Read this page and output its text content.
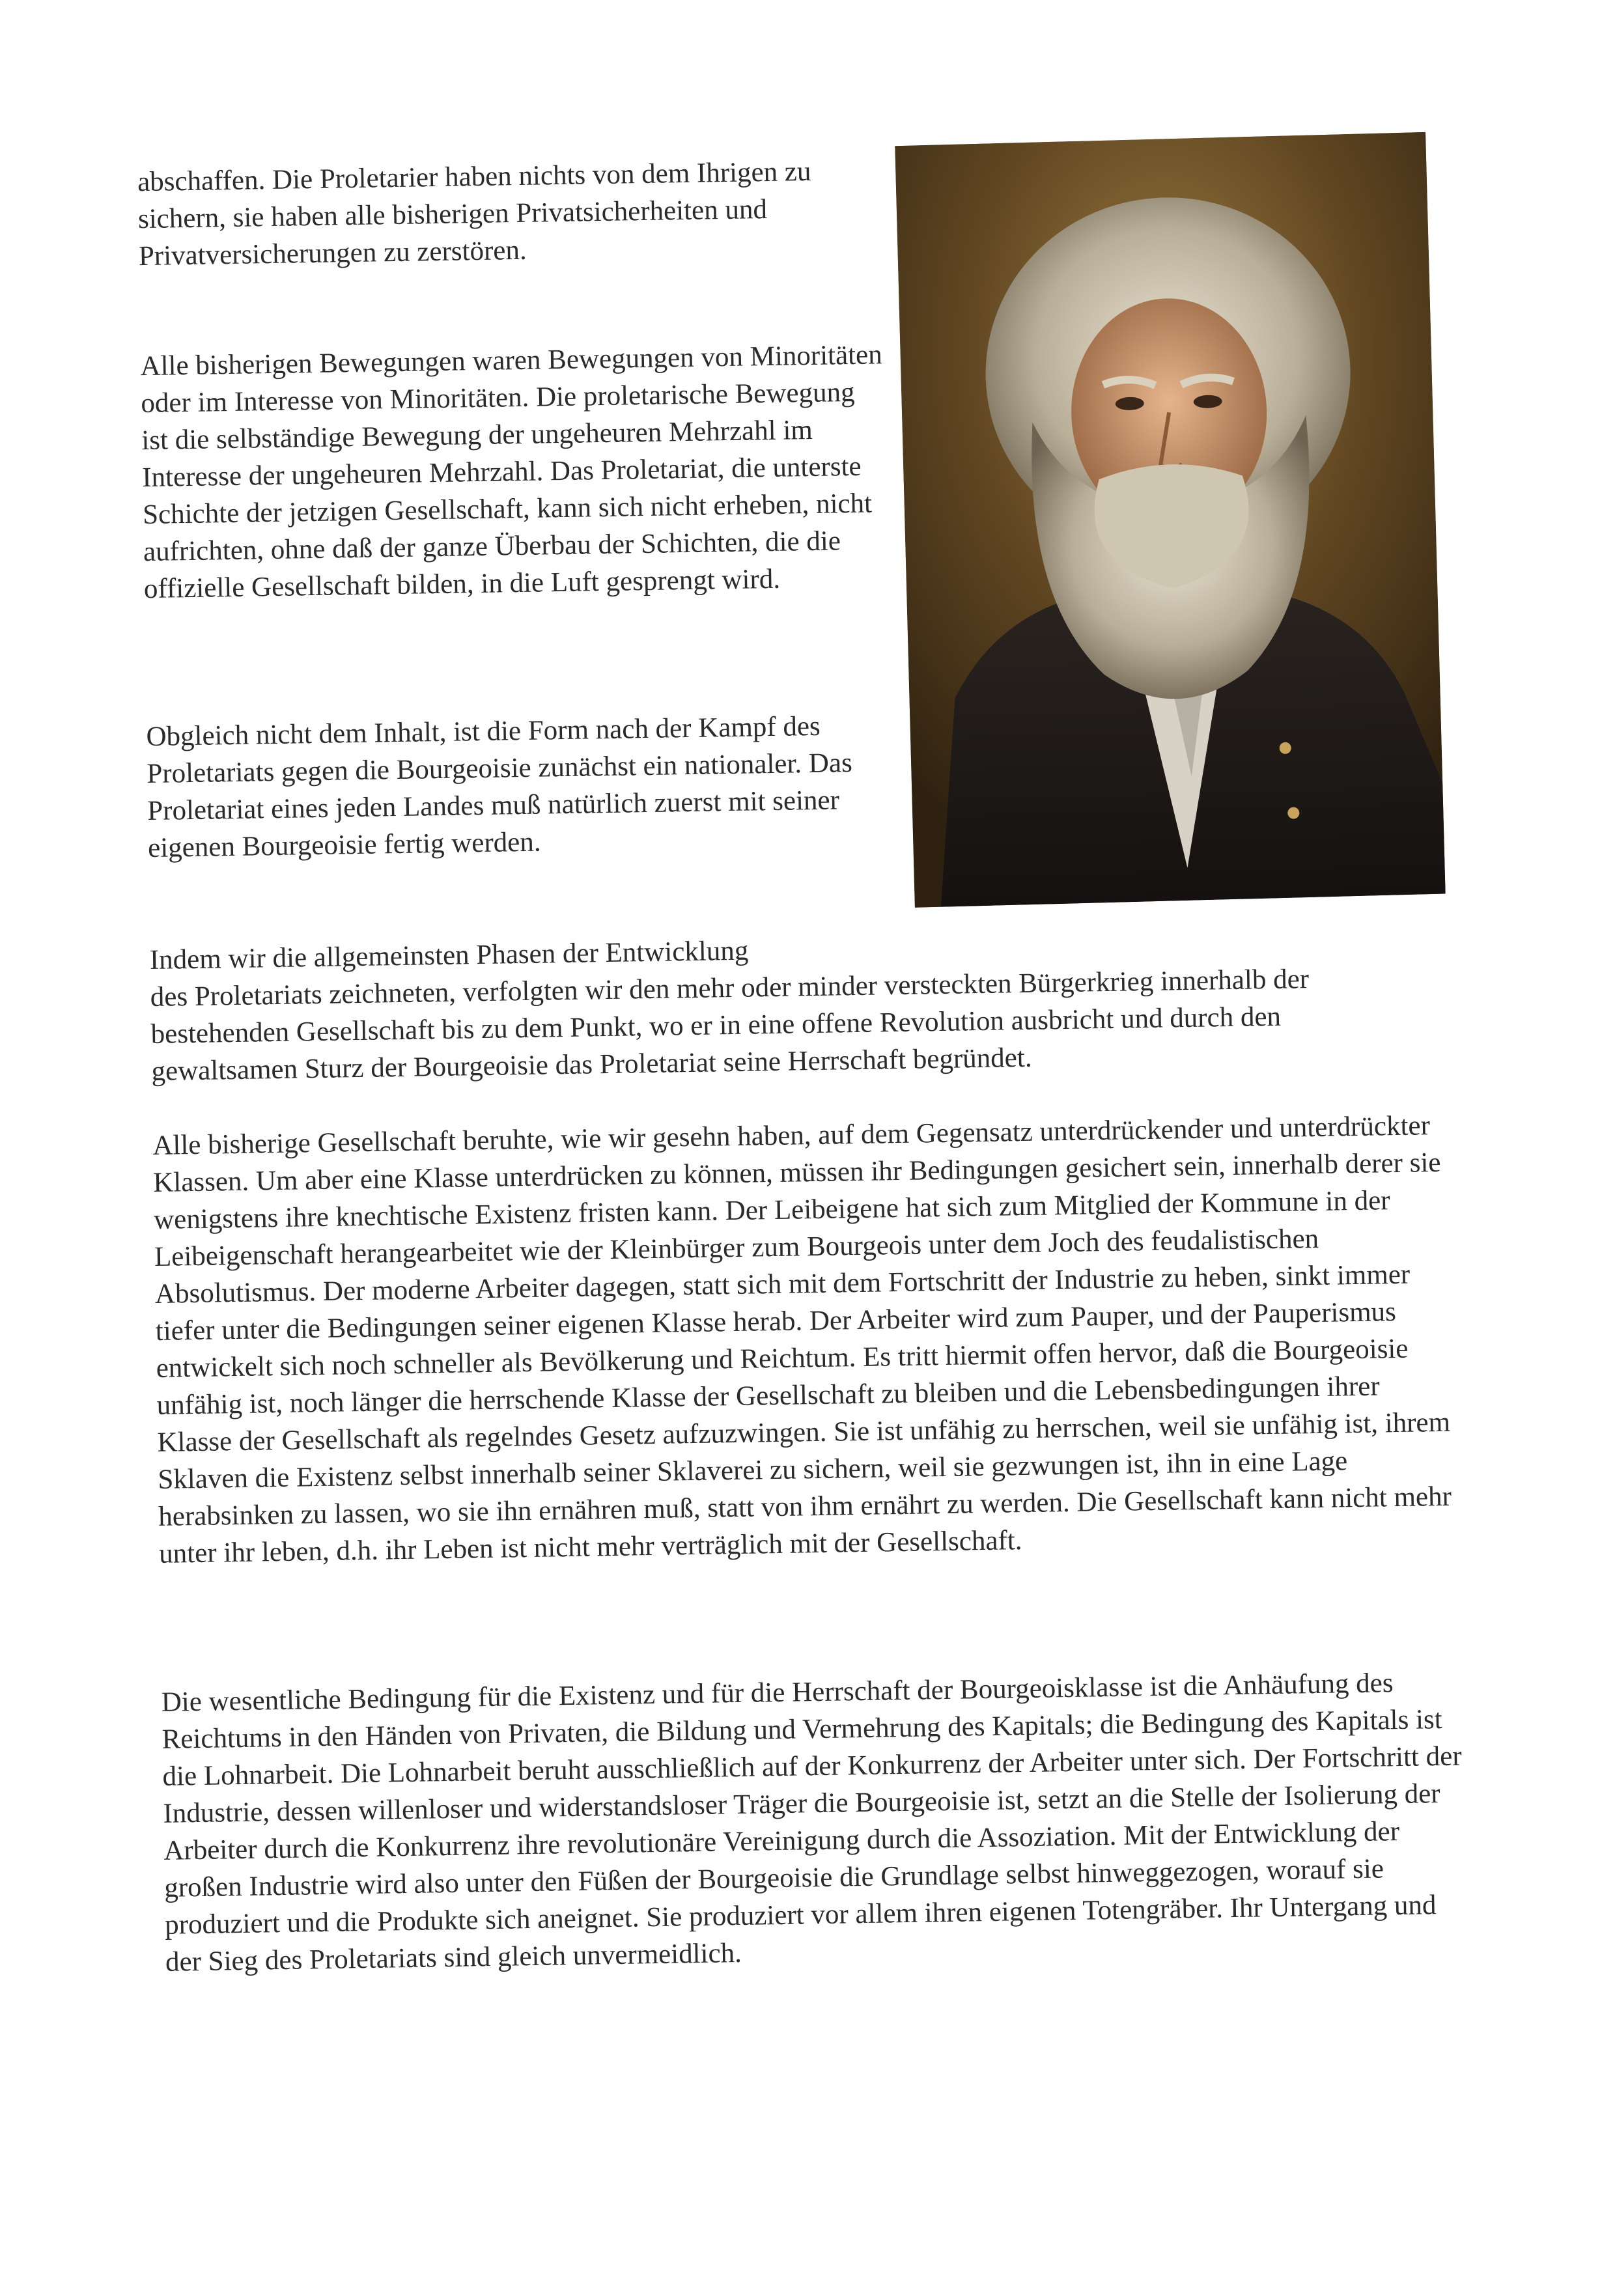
abschaffen. Die Proletarier haben nichts von dem Ihrigen zu sichern, sie haben alle bisherigen Privatsicherheiten und Privatversicherungen zu zerstören.

Alle bisherigen Bewegungen waren Bewegungen von Minoritäten oder im Interesse von Minoritäten. Die proletarische Bewegung ist die selbständige Bewegung der ungeheuren Mehrzahl im Interesse der ungeheuren Mehrzahl. Das Proletariat, die unterste Schichte der jetzigen Gesellschaft, kann sich nicht erheben, nicht aufrichten, ohne daß der ganze Überbau der Schichten, die die offizielle Gesellschaft bilden, in die Luft gesprengt wird.

Obgleich nicht dem Inhalt, ist die Form nach der Kampf des Proletariats gegen die Bourgeoisie zunächst ein nationaler. Das Proletariat eines jeden Landes muß natürlich zuerst mit seiner eigenen Bourgeoisie fertig werden.

Indem wir die allgemeinsten Phasen der Entwicklung
des Proletariats zeichneten, verfolgten wir den mehr oder minder versteckten Bürgerkrieg innerhalb der bestehenden Gesellschaft bis zu dem Punkt, wo er in eine offene Revolution ausbricht und durch den gewaltsamen Sturz der Bourgeoisie das Proletariat seine Herrschaft begründet.

Alle bisherige Gesellschaft beruhte, wie wir gesehn haben, auf dem Gegensatz unterdrückender und unterdrückter Klassen. Um aber eine Klasse unterdrücken zu können, müssen ihr Bedingungen gesichert sein, innerhalb derer sie wenigstens ihre knechtische Existenz fristen kann. Der Leibeigene hat sich zum Mitglied der Kommune in der Leibeigenschaft herangearbeitet wie der Kleinbürger zum Bourgeois unter dem Joch des feudalistischen Absolutismus. Der moderne Arbeiter dagegen, statt sich mit dem Fortschritt der Industrie zu heben, sinkt immer tiefer unter die Bedingungen seiner eigenen Klasse herab. Der Arbeiter wird zum Pauper, und der Pauperismus entwickelt sich noch schneller als Bevölkerung und Reichtum. Es tritt hiermit offen hervor, daß die Bourgeoisie unfähig ist, noch länger die herrschende Klasse der Gesellschaft zu bleiben und die Lebensbedingungen ihrer Klasse der Gesellschaft als regelndes Gesetz aufzuzwingen. Sie ist unfähig zu herrschen, weil sie unfähig ist, ihrem Sklaven die Existenz selbst innerhalb seiner Sklaverei zu sichern, weil sie gezwungen ist, ihn in eine Lage herabsinken zu lassen, wo sie ihn ernähren muß, statt von ihm ernährt zu werden. Die Gesellschaft kann nicht mehr unter ihr leben, d.h. ihr Leben ist nicht mehr verträglich mit der Gesellschaft.

Die wesentliche Bedingung für die Existenz und für die Herrschaft der Bourgeoisklasse ist die Anhäufung des Reichtums in den Händen von Privaten, die Bildung und Vermehrung des Kapitals; die Bedingung des Kapitals ist die Lohnarbeit. Die Lohnarbeit beruht ausschließlich auf der Konkurrenz der Arbeiter unter sich. Der Fortschritt der Industrie, dessen willenloser und widerstandsloser Träger die Bourgeoisie ist, setzt an die Stelle der Isolierung der Arbeiter durch die Konkurrenz ihre revolutionäre Vereinigung durch die Assoziation. Mit der Entwicklung der großen Industrie wird also unter den Füßen der Bourgeoisie die Grundlage selbst hinweggezogen, worauf sie produziert und die Produkte sich aneignet. Sie produziert vor allem ihren eigenen Totengräber. Ihr Untergang und der Sieg des Proletariats sind gleich unvermeidlich.
